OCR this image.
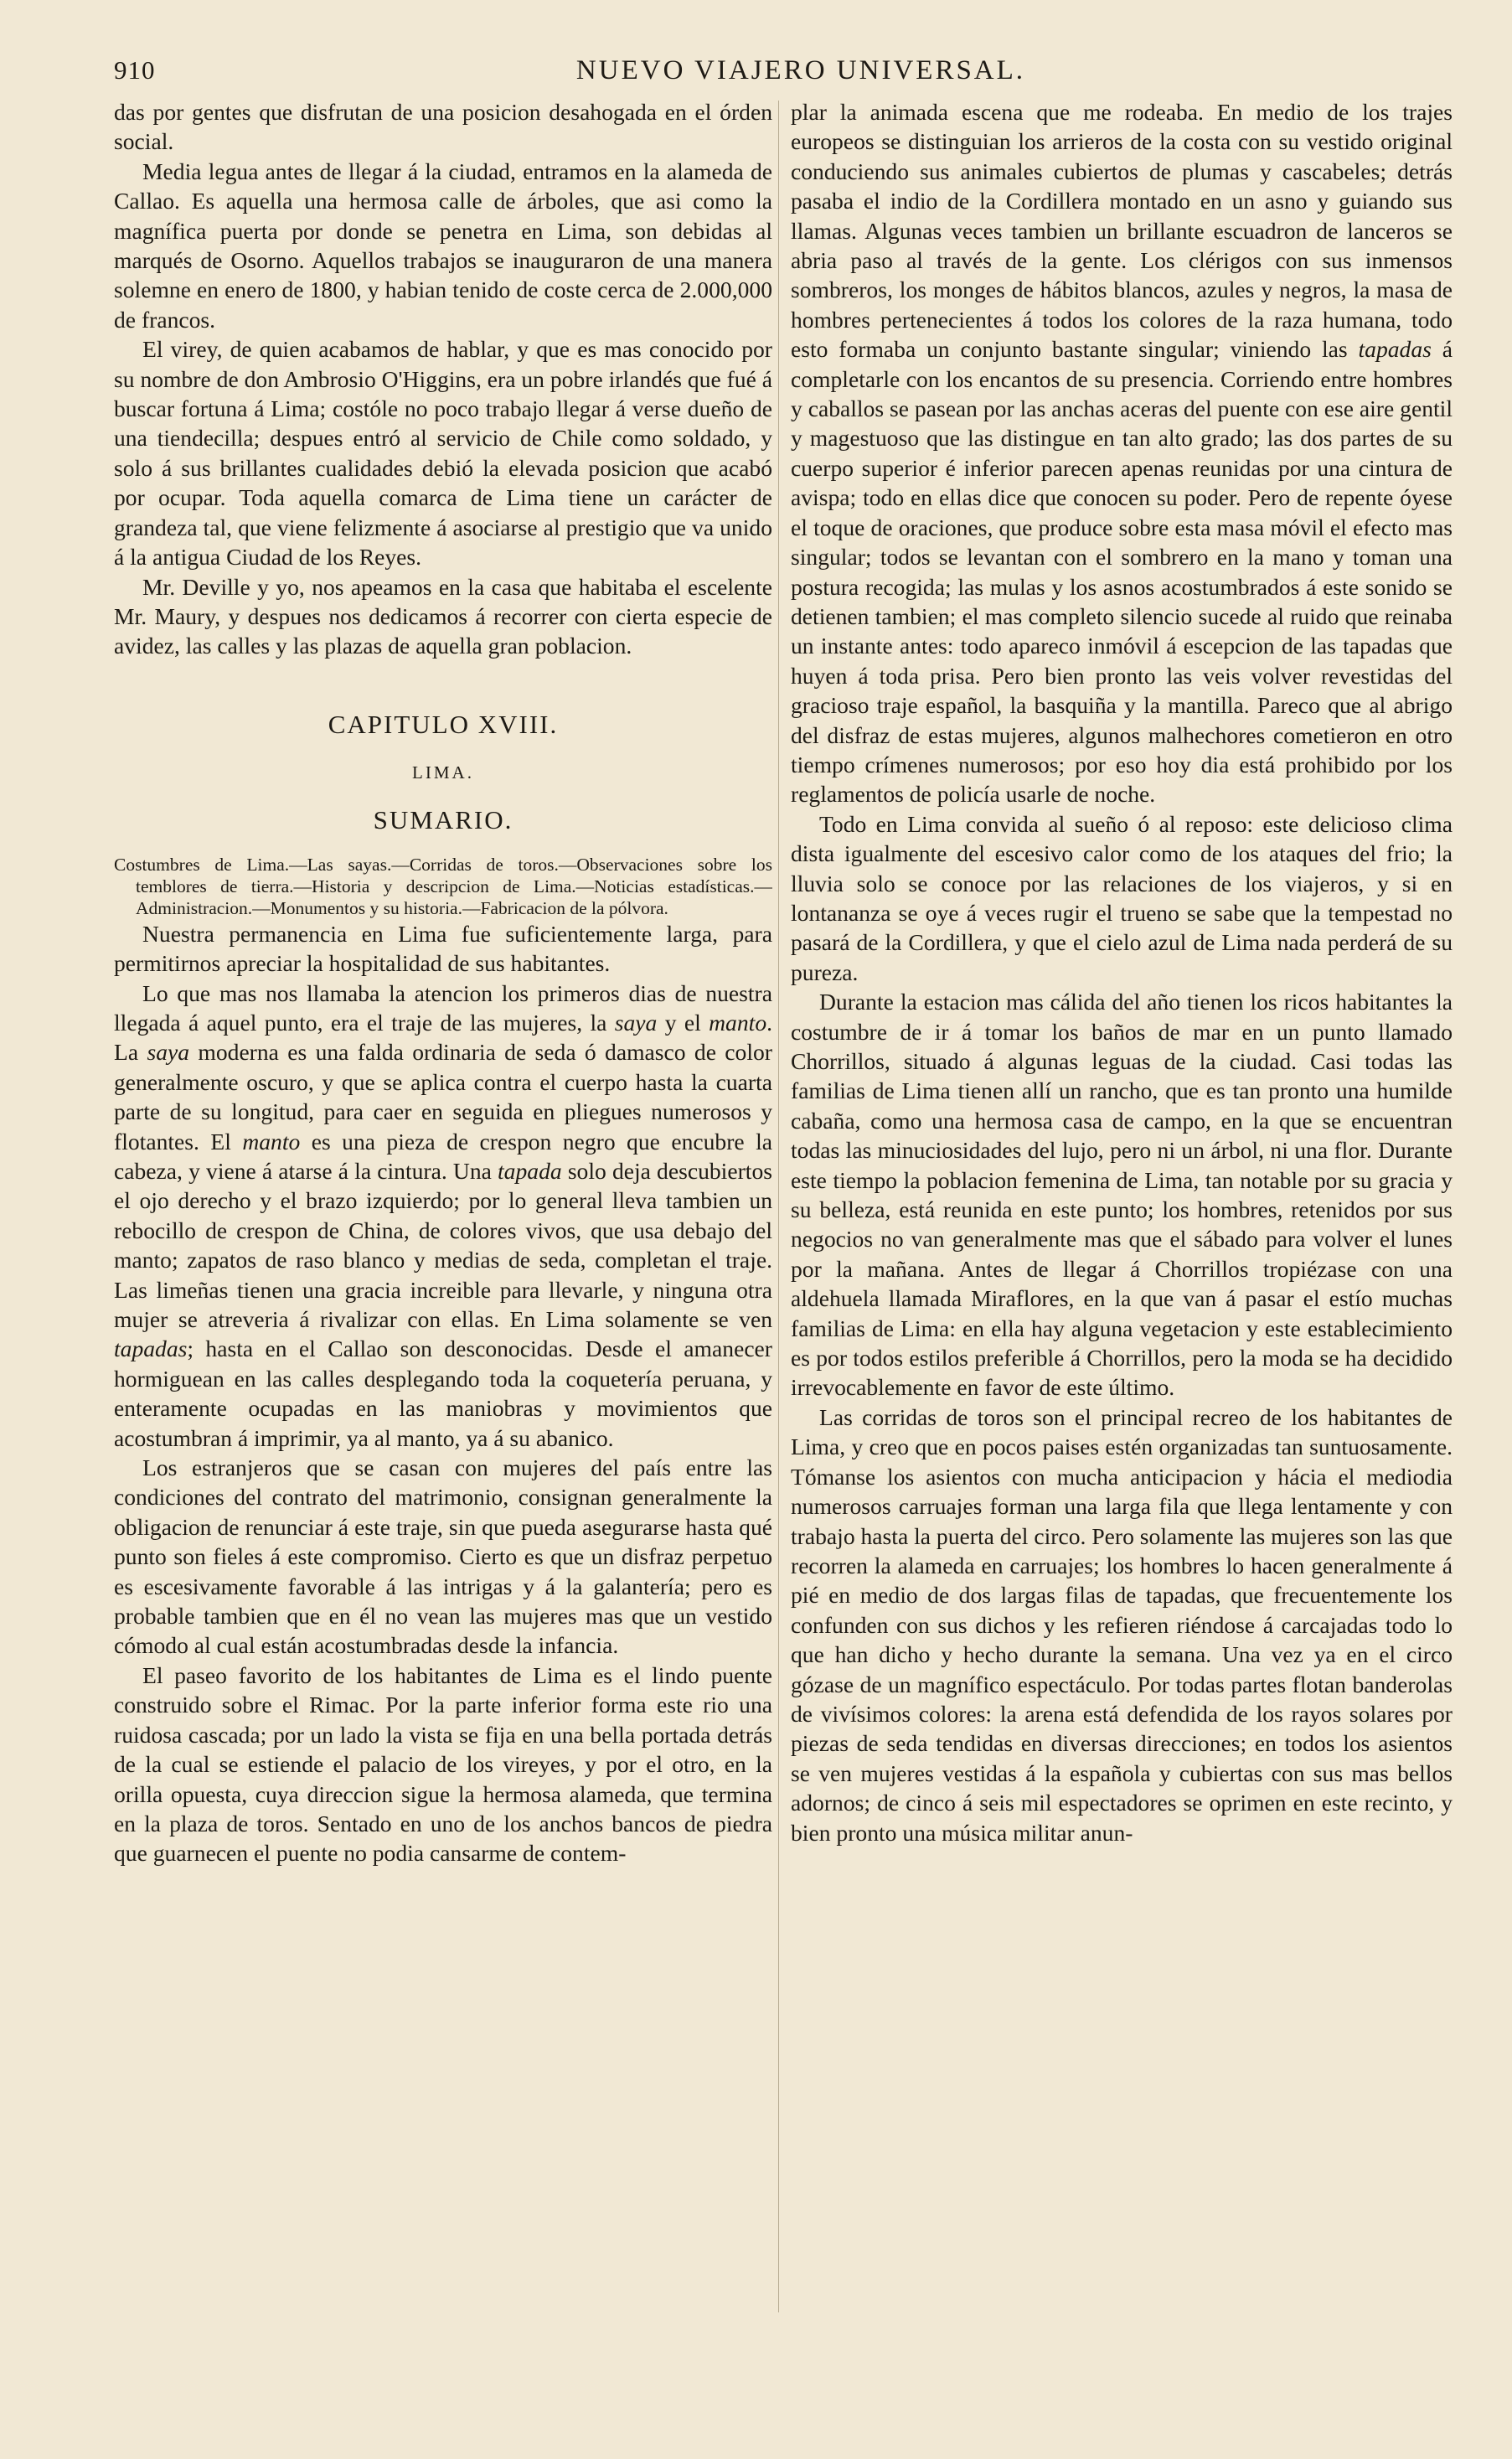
910	NUEVO VIAJERO UNIVERSAL.

das por gentes que disfrutan de una posicion desahogada en el órden social.

Media legua antes de llegar á la ciudad, entramos en la alameda de Callao. Es aquella una hermosa calle de árboles, que asi como la magnífica puerta por donde se penetra en Lima, son debidas al marqués de Osorno. Aquellos trabajos se inauguraron de una manera solemne en enero de 1800, y habian tenido de coste cerca de 2.000,000 de francos.

El virey, de quien acabamos de hablar, y que es mas conocido por su nombre de don Ambrosio O'Higgins, era un pobre irlandés que fué á buscar fortuna á Lima; costóle no poco trabajo llegar á verse dueño de una tiendecilla; despues entró al servicio de Chile como soldado, y solo á sus brillantes cualidades debió la elevada posicion que acabó por ocupar. Toda aquella comarca de Lima tiene un carácter de grandeza tal, que viene felizmente á asociarse al prestigio que va unido á la antigua Ciudad de los Reyes.

Mr. Deville y yo, nos apeamos en la casa que habitaba el escelente Mr. Maury, y despues nos dedicamos á recorrer con cierta especie de avidez, las calles y las plazas de aquella gran poblacion.

CAPITULO XVIII.
LIMA.
SUMARIO.

Costumbres de Lima.—Las sayas.—Corridas de toros.—Observaciones sobre los temblores de tierra.—Historia y descripcion de Lima.—Noticias estadísticas.—Administracion.—Monumentos y su historia.—Fabricacion de la pólvora.

Nuestra permanencia en Lima fue suficientemente larga, para permitirnos apreciar la hospitalidad de sus habitantes.

Lo que mas nos llamaba la atencion los primeros dias de nuestra llegada á aquel punto, era el traje de las mujeres, la saya y el manto. La saya moderna es una falda ordinaria de seda ó damasco de color generalmente oscuro, y que se aplica contra el cuerpo hasta la cuarta parte de su longitud, para caer en seguida en pliegues numerosos y flotantes. El manto es una pieza de crespon negro que encubre la cabeza, y viene á atarse á la cintura. Una tapada solo deja descubiertos el ojo derecho y el brazo izquierdo; por lo general lleva tambien un rebocillo de crespon de China, de colores vivos, que usa debajo del manto; zapatos de raso blanco y medias de seda, completan el traje. Las limeñas tienen una gracia increible para llevarle, y ninguna otra mujer se atreveria á rivalizar con ellas. En Lima solamente se ven tapadas; hasta en el Callao son desconocidas. Desde el amanecer hormiguean en las calles desplegando toda la coquetería peruana, y enteramente ocupadas en las maniobras y movimientos que acostumbran á imprimir, ya al manto, ya á su abanico.

Los estranjeros que se casan con mujeres del país entre las condiciones del contrato del matrimonio, consignan generalmente la obligacion de renunciar á este traje, sin que pueda asegurarse hasta qué punto son fieles á este compromiso. Cierto es que un disfraz perpetuo es escesivamente favorable á las intrigas y á la galantería; pero es probable tambien que en él no vean las mujeres mas que un vestido cómodo al cual están acostumbradas desde la infancia.

El paseo favorito de los habitantes de Lima es el lindo puente construido sobre el Rimac. Por la parte inferior forma este rio una ruidosa cascada; por un lado la vista se fija en una bella portada detrás de la cual se estiende el palacio de los vireyes, y por el otro, en la orilla opuesta, cuya direccion sigue la hermosa alameda, que termina en la plaza de toros. Sentado en uno de los anchos bancos de piedra que guarnecen el puente no podia cansarme de contem-

plar la animada escena que me rodeaba. En medio de los trajes europeos se distinguian los arrieros de la costa con su vestido original conduciendo sus animales cubiertos de plumas y cascabeles; detrás pasaba el indio de la Cordillera montado en un asno y guiando sus llamas. Algunas veces tambien un brillante escuadron de lanceros se abria paso al través de la gente. Los clérigos con sus inmensos sombreros, los monges de hábitos blancos, azules y negros, la masa de hombres pertenecientes á todos los colores de la raza humana, todo esto formaba un conjunto bastante singular; viniendo las tapadas á completarle con los encantos de su presencia. Corriendo entre hombres y caballos se pasean por las anchas aceras del puente con ese aire gentil y magestuoso que las distingue en tan alto grado; las dos partes de su cuerpo superior é inferior parecen apenas reunidas por una cintura de avispa; todo en ellas dice que conocen su poder. Pero de repente óyese el toque de oraciones, que produce sobre esta masa móvil el efecto mas singular; todos se levantan con el sombrero en la mano y toman una postura recogida; las mulas y los asnos acostumbrados á este sonido se detienen tambien; el mas completo silencio sucede al ruido que reinaba un instante antes: todo apareco inmóvil á escepcion de las tapadas que huyen á toda prisa. Pero bien pronto las veis volver revestidas del gracioso traje español, la basquiña y la mantilla. Pareco que al abrigo del disfraz de estas mujeres, algunos malhechores cometieron en otro tiempo crímenes numerosos; por eso hoy dia está prohibido por los reglamentos de policía usarle de noche.

Todo en Lima convida al sueño ó al reposo: este delicioso clima dista igualmente del escesivo calor como de los ataques del frio; la lluvia solo se conoce por las relaciones de los viajeros, y si en lontananza se oye á veces rugir el trueno se sabe que la tempestad no pasará de la Cordillera, y que el cielo azul de Lima nada perderá de su pureza.

Durante la estacion mas cálida del año tienen los ricos habitantes la costumbre de ir á tomar los baños de mar en un punto llamado Chorrillos, situado á algunas leguas de la ciudad. Casi todas las familias de Lima tienen allí un rancho, que es tan pronto una humilde cabaña, como una hermosa casa de campo, en la que se encuentran todas las minuciosidades del lujo, pero ni un árbol, ni una flor. Durante este tiempo la poblacion femenina de Lima, tan notable por su gracia y su belleza, está reunida en este punto; los hombres, retenidos por sus negocios no van generalmente mas que el sábado para volver el lunes por la mañana. Antes de llegar á Chorrillos tropiézase con una aldehuela llamada Miraflores, en la que van á pasar el estío muchas familias de Lima: en ella hay alguna vegetacion y este establecimiento es por todos estilos preferible á Chorrillos, pero la moda se ha decidido irrevocablemente en favor de este último.

Las corridas de toros son el principal recreo de los habitantes de Lima, y creo que en pocos paises estén organizadas tan suntuosamente. Tómanse los asientos con mucha anticipacion y hácia el mediodia numerosos carruajes forman una larga fila que llega lentamente y con trabajo hasta la puerta del circo. Pero solamente las mujeres son las que recorren la alameda en carruajes; los hombres lo hacen generalmente á pié en medio de dos largas filas de tapadas, que frecuentemente los confunden con sus dichos y les refieren riéndose á carcajadas todo lo que han dicho y hecho durante la semana. Una vez ya en el circo gózase de un magnífico espectáculo. Por todas partes flotan banderolas de vivísimos colores: la arena está defendida de los rayos solares por piezas de seda tendidas en diversas direcciones; en todos los asientos se ven mujeres vestidas á la española y cubiertas con sus mas bellos adornos; de cinco á seis mil espectadores se oprimen en este recinto, y bien pronto una música militar anun-
